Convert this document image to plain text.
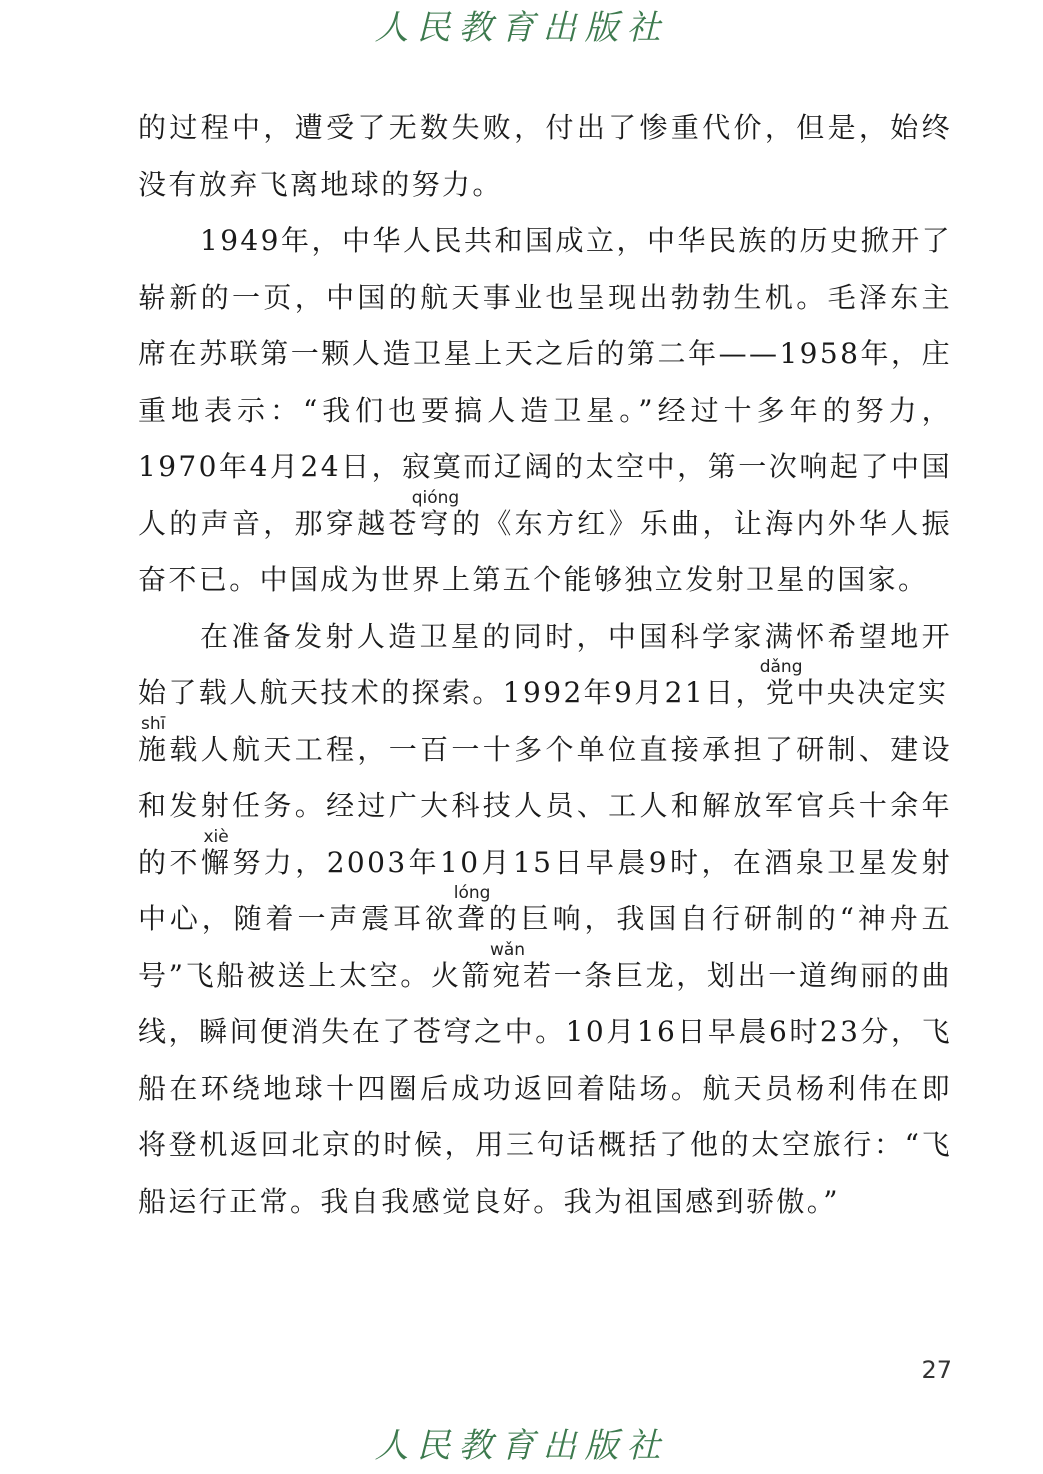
人民教育出版社

的过程中，遭受了无数失败，付出了惨重代价，但是，始终没有放弃飞离地球的努力。

1949年，中华人民共和国成立，中华民族的历史掀开了崭新的一页，中国的航天事业也呈现出勃勃生机。毛泽东主席在苏联第一颗人造卫星上天之后的第二年——1958年，庄重地表示：“我们也要搞人造卫星。”经过十多年的努力，1970年4月24日，寂寞而辽阔的太空中，第一次响起了中国人的声音，那穿越苍穹qióng的《东方红》乐曲，让海内外华人振奋不已。中国成为世界上第五个能够独立发射卫星的国家。

在准备发射人造卫星的同时，中国科学家满怀希望地开始了载人航天技术的探索。1992年9月21日，党dǎng中央决定实施shī载人航天工程，一百一十多个单位直接承担了研制、建设和发射任务。经过广大科技人员、工人和解放军官兵十余年的不懈xiè努力，2003年10月15日早晨9时，在酒泉卫星发射中心，随着一声震耳欲聋lóng的巨响，我国自行研制的“神舟五号”飞船被送上太空。火箭宛wǎn若一条巨龙，划出一道绚丽的曲线，瞬间便消失在了苍穹之中。10月16日早晨6时23分，飞船在环绕地球十四圈后成功返回着陆场。航天员杨利伟在即将登机返回北京的时候，用三句话概括了他的太空旅行：“飞船运行正常。我自我感觉良好。我为祖国感到骄傲。”

27
人民教育出版社
